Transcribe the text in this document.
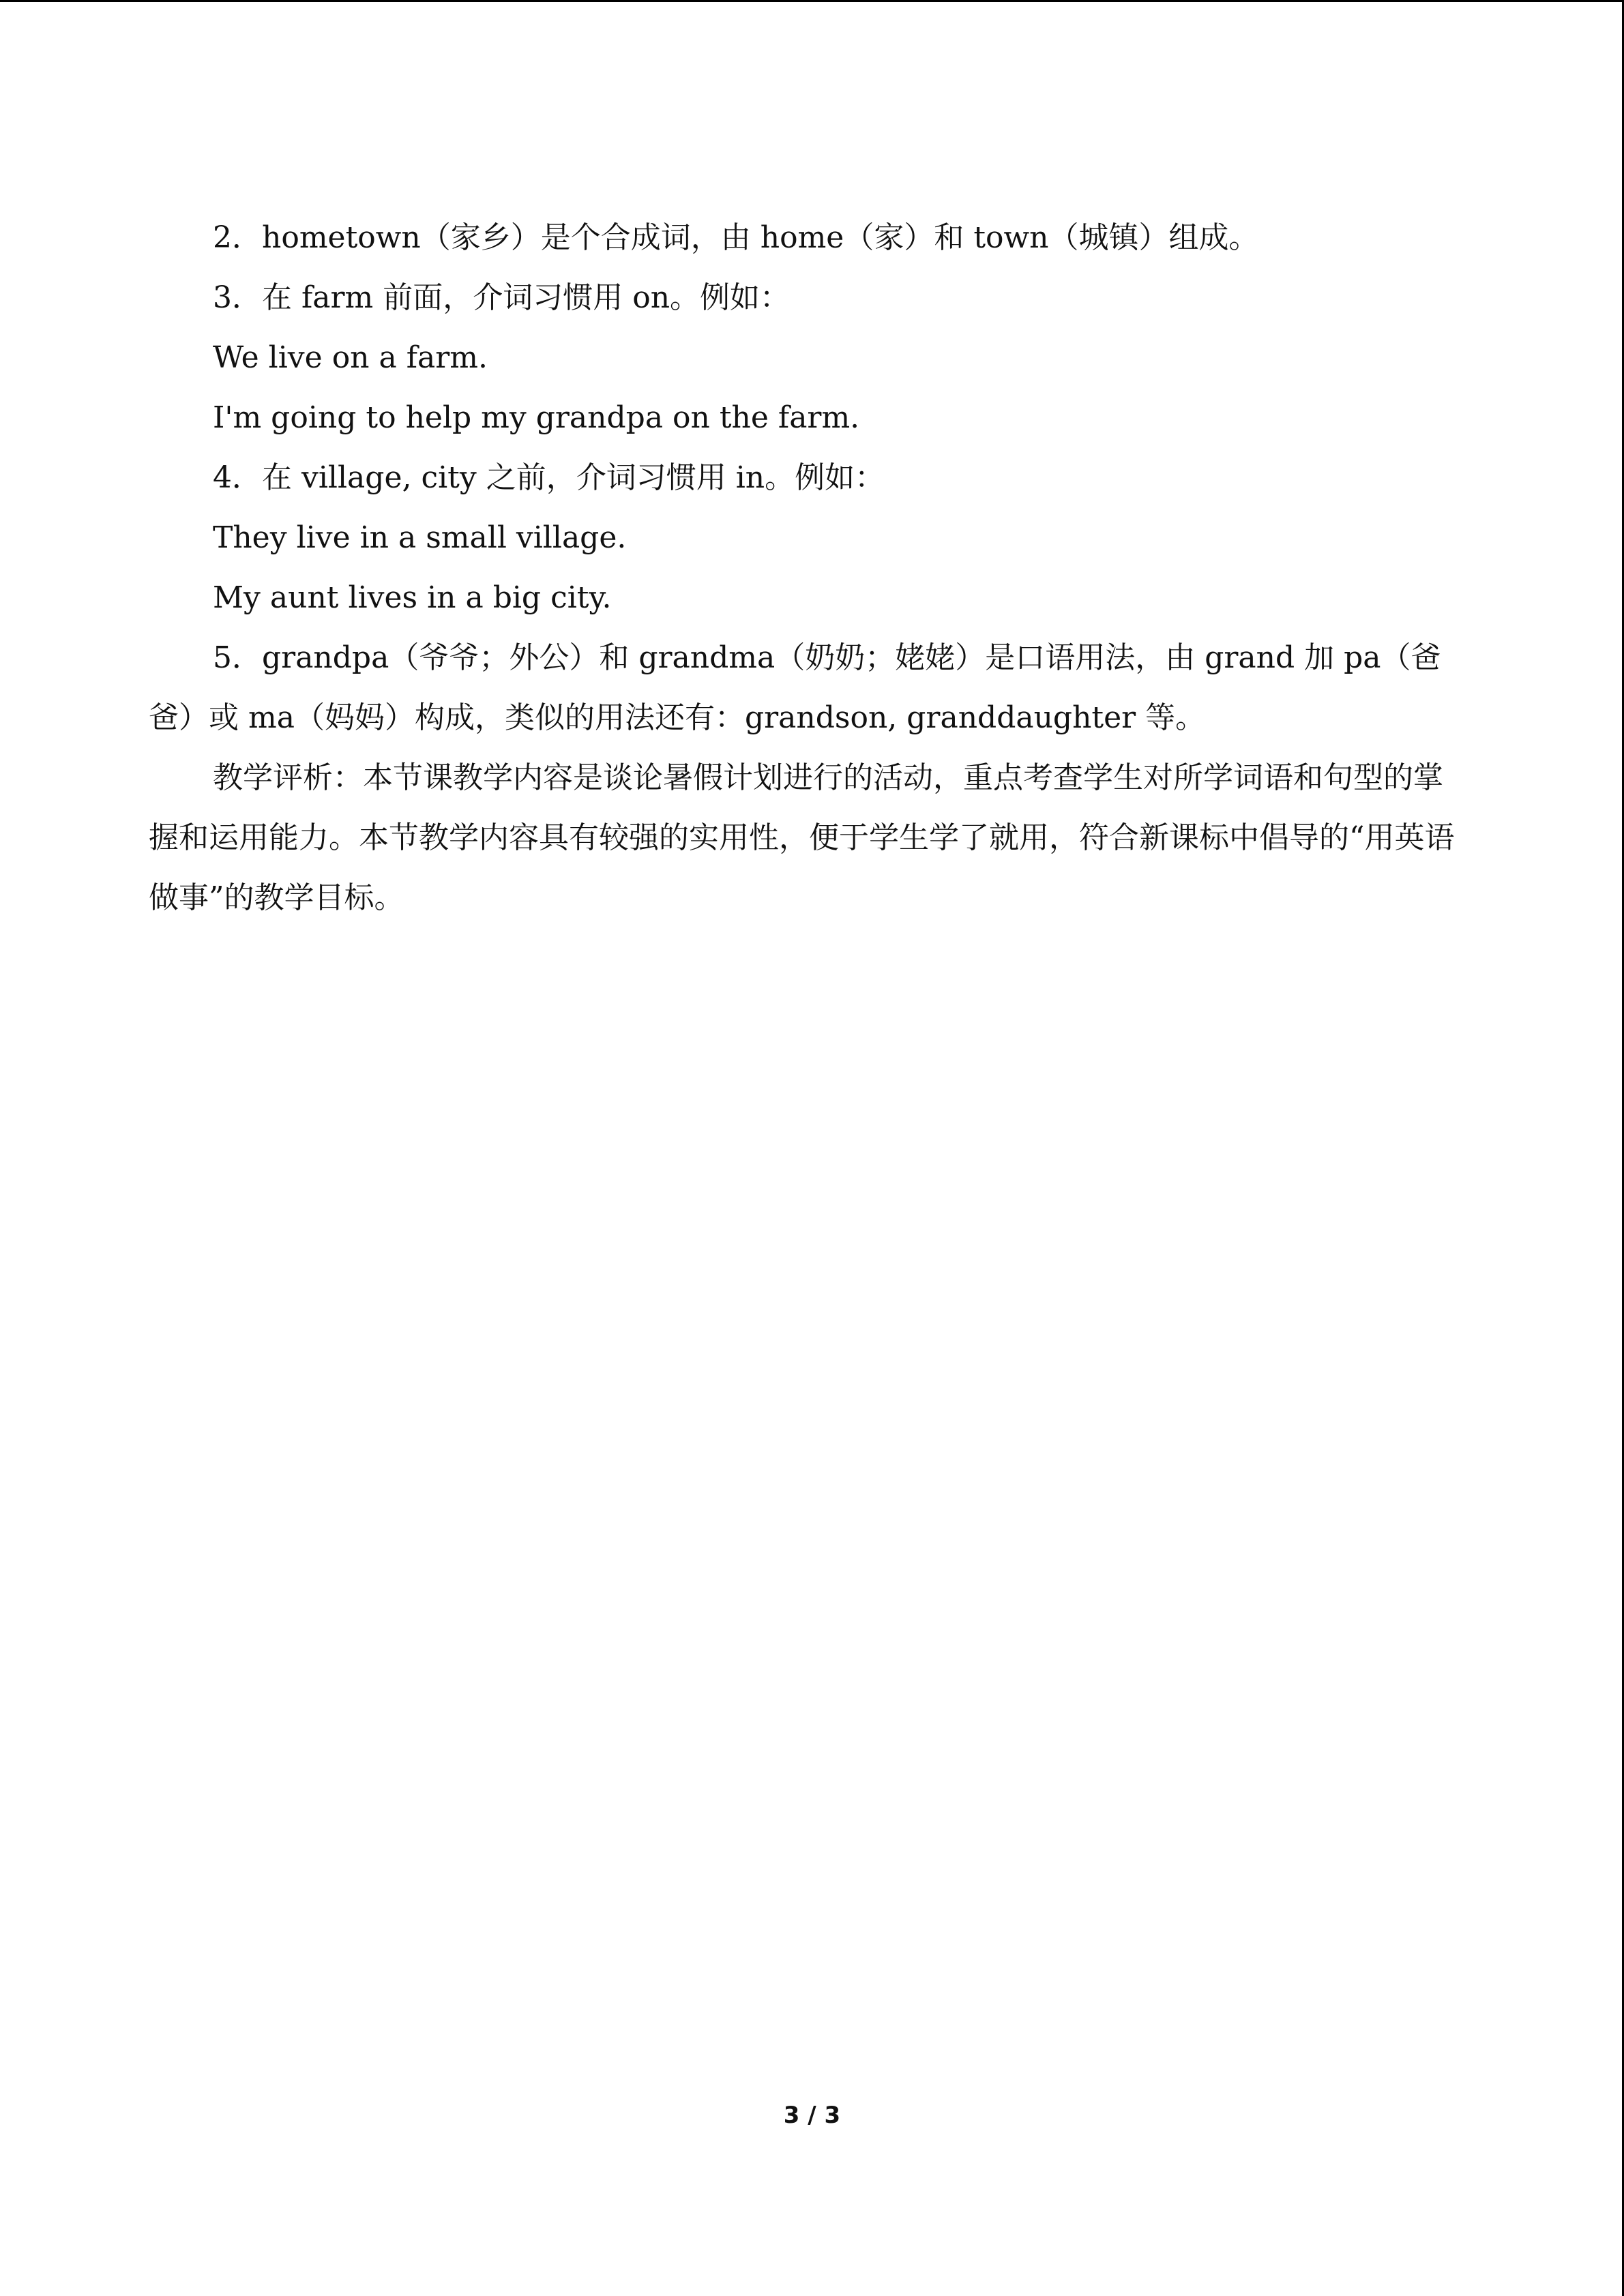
2．hometown（家乡）是个合成词，由 home（家）和 town（城镇）组成。

3．在 farm 前面，介词习惯用 on。例如：

We live on a farm.

I'm going to help my grandpa on the farm.

4．在 village, city 之前，介词习惯用 in。例如：

They live in a small village.

My aunt lives in a big city.

5．grandpa（爷爷；外公）和 grandma（奶奶；姥姥）是口语用法，由 grand 加 pa（爸爸）或 ma（妈妈）构成，类似的用法还有：grandson, granddaughter 等。

教学评析：本节课教学内容是谈论暑假计划进行的活动，重点考查学生对所学词语和句型的掌握和运用能力。本节教学内容具有较强的实用性，便于学生学了就用，符合新课标中倡导的“用英语做事”的教学目标。

3 / 3
